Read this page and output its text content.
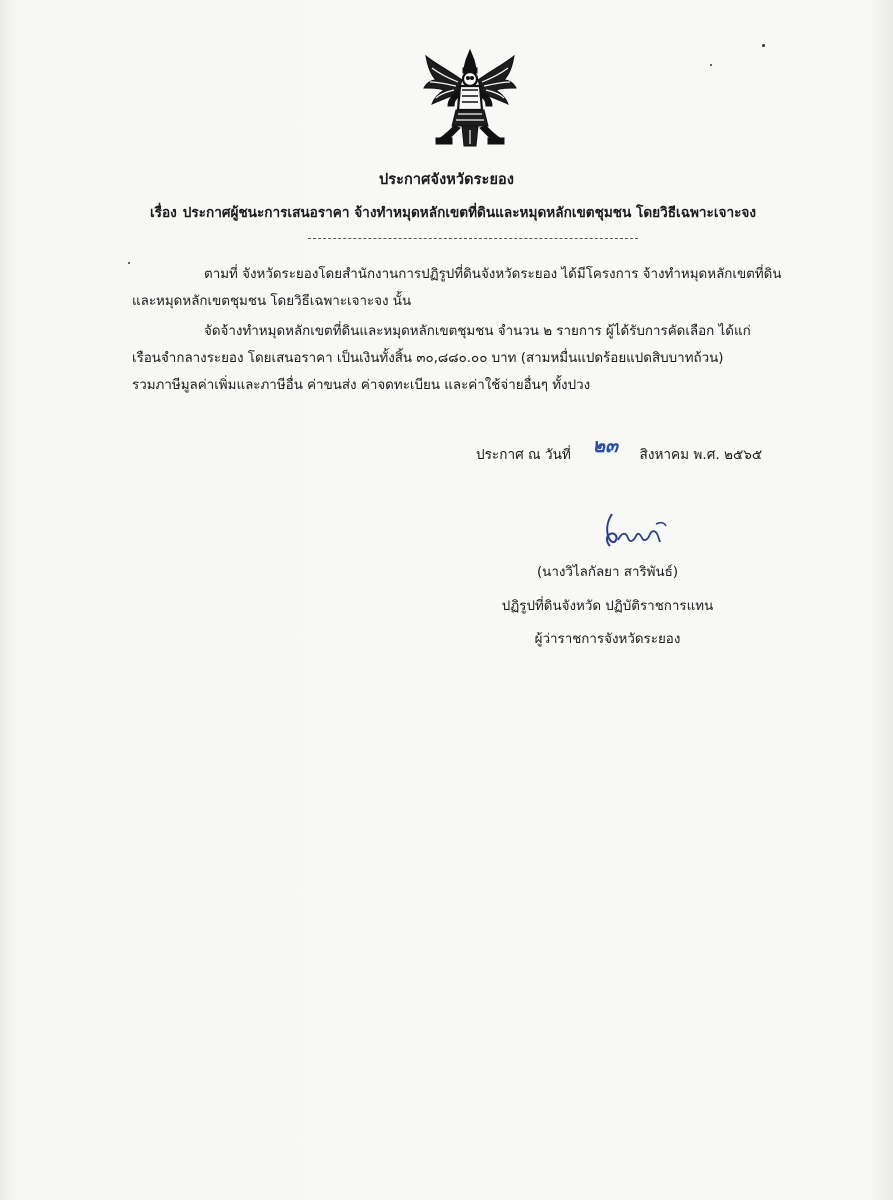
ประกาศจังหวัดระยอง
เรื่อง ประกาศผู้ชนะการเสนอราคา จ้างทำหมุดหลักเขตที่ดินและหมุดหลักเขตชุมชน โดยวิธีเฉพาะเจาะจง
ตามที่ จังหวัดระยองโดยสำนักงานการปฏิรูปที่ดินจังหวัดระยอง ได้มีโครงการ จ้างทำหมุดหลักเขตที่ดิน
และหมุดหลักเขตชุมชน โดยวิธีเฉพาะเจาะจง นั้น
จัดจ้างทำหมุดหลักเขตที่ดินและหมุดหลักเขตชุมชน จำนวน ๒ รายการ ผู้ได้รับการคัดเลือก ได้แก่
เรือนจำกลางระยอง โดยเสนอราคา เป็นเงินทั้งสิ้น ๓๐,๘๘๐.๐๐ บาท (สามหมื่นแปดร้อยแปดสิบบาทถ้วน)
รวมภาษีมูลค่าเพิ่มและภาษีอื่น ค่าขนส่ง ค่าจดทะเบียน และค่าใช้จ่ายอื่นๆ ทั้งปวง
ประกาศ ณ วันที่ ๒๓ สิงหาคม พ.ศ. ๒๕๖๕
(นางวิไลกัลยา สาริพันธ์)
ปฏิรูปที่ดินจังหวัด ปฏิบัติราชการแทน
ผู้ว่าราชการจังหวัดระยอง
